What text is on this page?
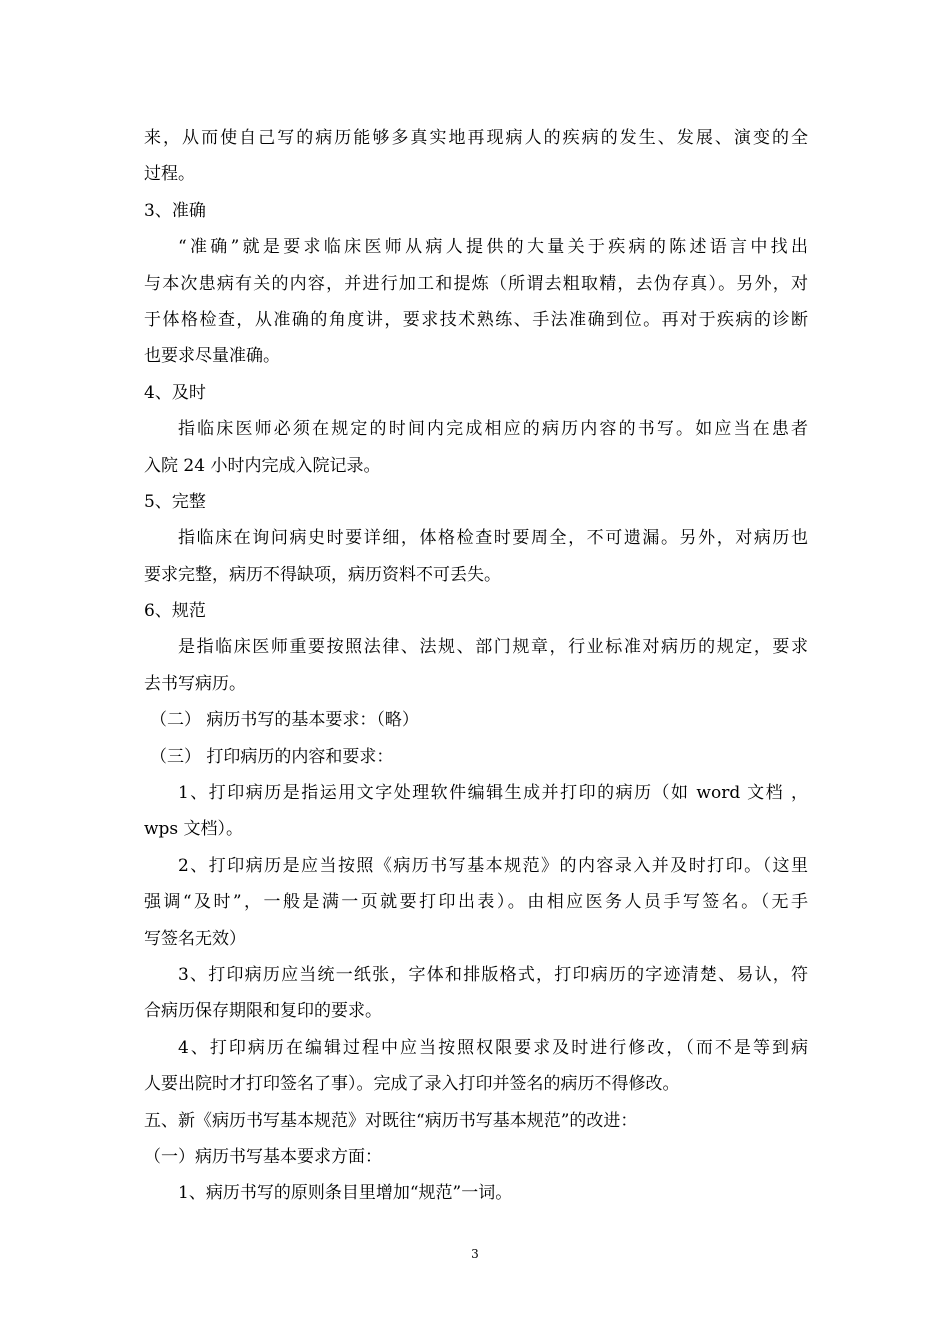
来，从而使自己写的病历能够多真实地再现病人的疾病的发生、发展、演变的全
过程。
3、准确
“准确”就是要求临床医师从病人提供的大量关于疾病的陈述语言中找出
与本次患病有关的内容，并进行加工和提炼（所谓去粗取精，去伪存真）。另外，对
于体格检查，从准确的角度讲，要求技术熟练、手法准确到位。再对于疾病的诊断
也要求尽量准确。
4、及时
指临床医师必须在规定的时间内完成相应的病历内容的书写。如应当在患者
入院 24 小时内完成入院记录。
5、完整
指临床在询问病史时要详细，体格检查时要周全，不可遗漏。另外，对病历也
要求完整，病历不得缺项，病历资料不可丢失。
6、规范
是指临床医师重要按照法律、法规、部门规章，行业标准对病历的规定，要求
去书写病历。
（二） 病历书写的基本要求：（略）
（三） 打印病历的内容和要求：
1、打印病历是指运用文字处理软件编辑生成并打印的病历（如 word 文档 ，
wps 文档）。
2、打印病历是应当按照《病历书写基本规范》的内容录入并及时打印。（这里
强调“及时”，一般是满一页就要打印出表）。由相应医务人员手写签名。（无手
写签名无效）
3、打印病历应当统一纸张，字体和排版格式，打印病历的字迹清楚、易认，符
合病历保存期限和复印的要求。
4、打印病历在编辑过程中应当按照权限要求及时进行修改，（而不是等到病
人要出院时才打印签名了事）。完成了录入打印并签名的病历不得修改。
五、新《病历书写基本规范》对既往“病历书写基本规范”的改进：
（一）病历书写基本要求方面：
1、病历书写的原则条目里增加“规范”一词。
3
